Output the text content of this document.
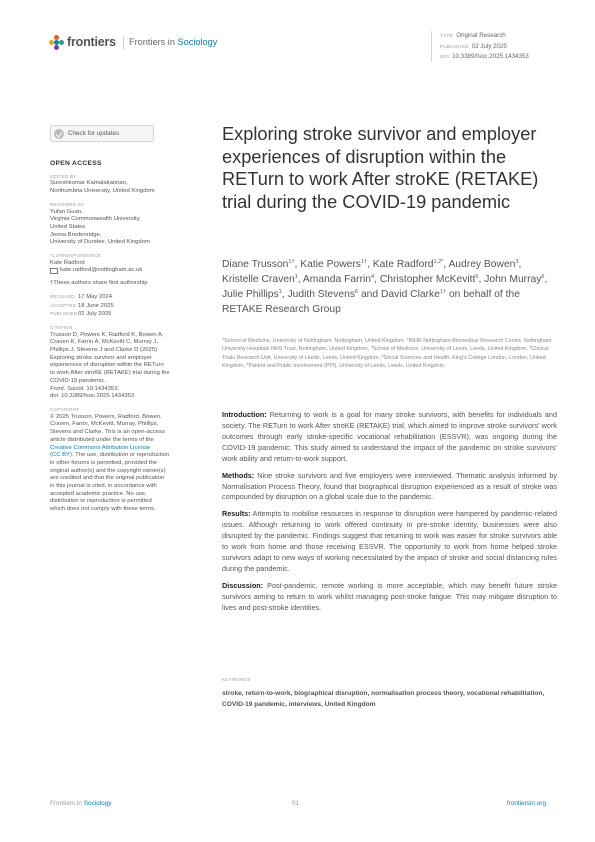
frontiers Frontiers in Sociology
TYPE Original Research
PUBLISHED 02 July 2025
DOI 10.3389/fsoc.2025.1434353
Check for updates
OPEN ACCESS
EDITED BY
Sureshkumar Kamalakannan,
Northumbria University, United Kingdom
REVIEWED BY
Yufan Guan,
Virginia Commonwealth University,
United States
Jenna Bredenridge,
University of Dundee, United Kingdom
*CORRESPONDENCE
Kate Radford
kate.radford@nottingham.ac.uk
†These authors share first authorship
RECEIVED 17 May 2024
ACCEPTED 18 June 2025
PUBLISHED02 July 2025
CITATION
Trusson D, Powers K, Radford K, Bowen A,
Craven K, Farrin A, McKevitt C, Murray J,
Phillips J, Stevens J and Clarke D (2025)
Exploring stroke survivor and employer
experiences of disruption within the RETurn
to work After stroKE (RETAKE) trial during the
COVID-19 pandemic.
Front. Sociol. 10:1434353.
doi: 10.3389/fsoc.2025.1434353
COPYRIGHT
© 2025 Trusson, Powers, Radford, Bowen,
Craven, Farrin, McKevitt, Murray, Phillips,
Stevens and Clarke. This is an open-access
article distributed under the terms of the
Creative Commons Attribution License
(CC BY). The use, distribution or reproduction
in other forums is permitted, provided the
original author(s) and the copyright owner(s)
are credited and that the original publication
in this journal is cited, in accordance with
accepted academic practice. No use,
distribution or reproduction is permitted
which does not comply with these terms.
Exploring stroke survivor and employer experiences of disruption within the RETurn to work After stroKE (RETAKE) trial during the COVID-19 pandemic
Diane Trusson$^{1\dagger}$, Katie Powers$^{1\dagger}$, Kate Radford$^{1,2*}$, Audrey Bowen$^3$, Kristelle Craven$^1$, Amanda Farrin$^4$, Christopher McKevitt$^5$, John Murray$^6$, Julie Phillips$^1$, Judith Stevens$^6$ and David Clarke$^{1\dagger}$ on behalf of the RETAKE Research Group
$^1$School of Medicine, University of Nottingham, Nottingham, United Kingdom, $^2$NIHR Nottingham Biomedical Research Centre, Nottingham University Hospitals NHS Trust, Nottingham, United Kingdom, $^3$School of Medicine, University of Leeds, Leeds, United Kingdom, $^4$Clinical Trials Research Unit, University of Leeds, Leeds, United Kingdom, $^5$Social Sciences and Health, King's College London, London, United Kingdom, $^6$Patient and Public Involvement (PPI), University of Leeds, Leeds, United Kingdom

Introduction: Returning to work is a goal for many stroke survivors, with benefits for individuals and society. The RETurn to work After stroKE (RETAKE) trial, which aimed to improve stroke survivors' work outcomes through early stroke-specific vocational rehabilitation (ESSVR), was ongoing during the COVID-19 pandemic. This study aimed to understand the impact of the pandemic on stroke survivors' work ability and return-to-work support.

Methods: Nine stroke survivors and five employers were interviewed. Thematic analysis informed by Normalisation Process Theory, found that biographical disruption experienced as a result of stroke was compounded by disruption on a global scale due to the pandemic.

Results: Attempts to mobilise resources in response to disruption were hampered by pandemic-related issues. Although returning to work offered continuity in pre-stroke identity, businesses were also disrupted by the pandemic. Findings suggest that returning to work was easier for stroke survivors able to work from home and those receiving ESSVR. The opportunity to work from home helped stroke survivors adapt to new ways of working necessitated by the impact of stroke and social distancing rules during the pandemic.

Discussion: Post-pandemic, remote working is more acceptable, which may benefit future stroke survivors aiming to return to work whilst managing post-stroke fatigue. This may mitigate disruption to lives and post-stroke identities.

KEYWORDS
stroke, return-to-work, biographical disruption, normalisation process theory, vocational rehabilitation, COVID-19 pandemic, interviews, United Kingdom
Frontiers in Sociology	01	frontiersin.org
